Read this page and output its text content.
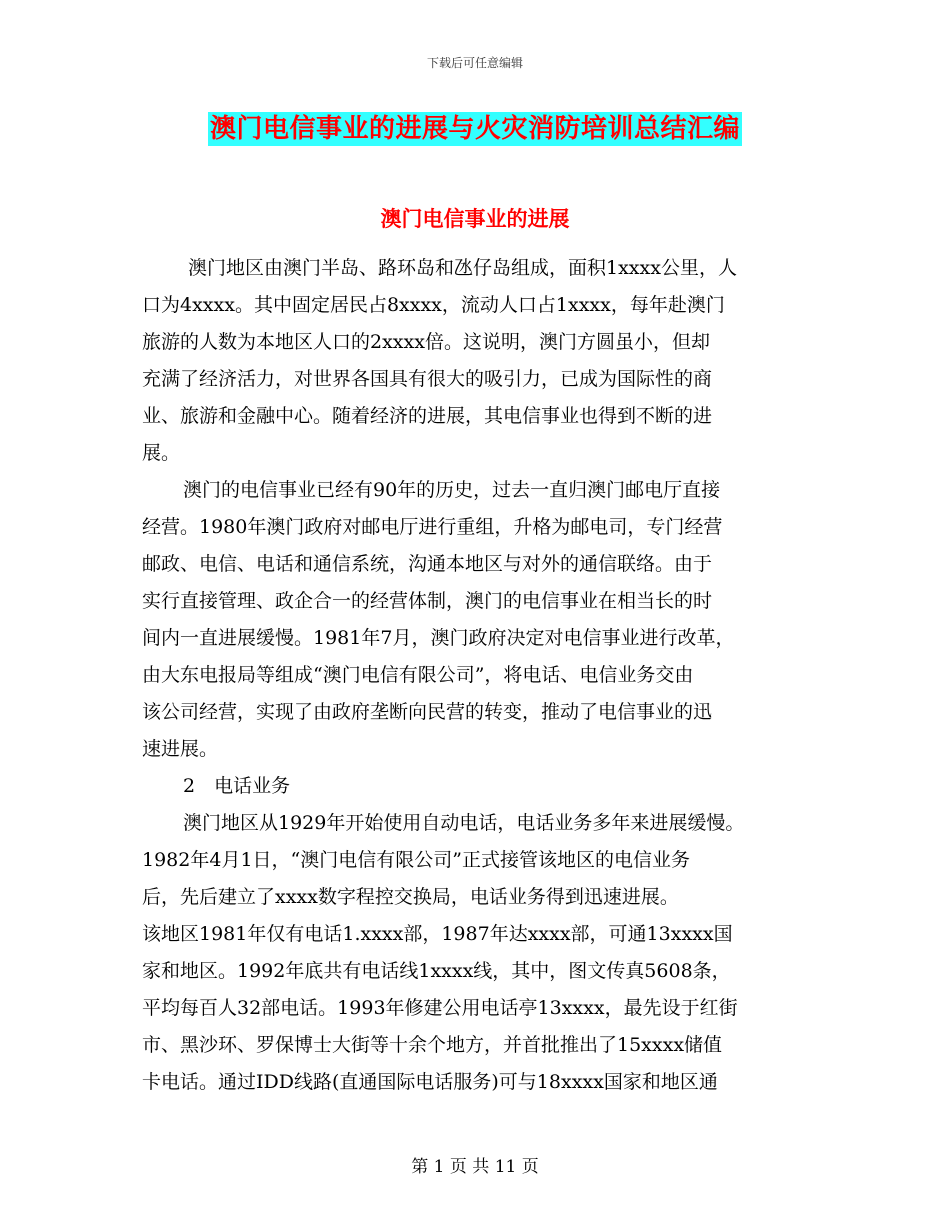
下载后可任意编辑
澳门电信事业的进展与火灾消防培训总结汇编
澳门电信事业的进展

澳门地区由澳门半岛、路环岛和氹仔岛组成，面积1xxxx公里，人
口为4xxxx。其中固定居民占8xxxx，流动人口占1xxxx，每年赴澳门
旅游的人数为本地区人口的2xxxx倍。这说明，澳门方圆虽小，但却
充满了经济活力，对世界各国具有很大的吸引力，已成为国际性的商
业、旅游和金融中心。随着经济的进展，其电信事业也得到不断的进
展。

澳门的电信事业已经有90年的历史，过去一直归澳门邮电厅直接
经营。1980年澳门政府对邮电厅进行重组，升格为邮电司，专门经营
邮政、电信、电话和通信系统，沟通本地区与对外的通信联络。由于
实行直接管理、政企合一的经营体制，澳门的电信事业在相当长的时
间内一直进展缓慢。1981年7月，澳门政府决定对电信事业进行改革，
由大东电报局等组成“澳门电信有限公司”，将电话、电信业务交由
该公司经营，实现了由政府垄断向民营的转变，推动了电信事业的迅
速进展。

2　电话业务

澳门地区从1929年开始使用自动电话，电话业务多年来进展缓慢。
1982年4月1日，“澳门电信有限公司”正式接管该地区的电信业务
后，先后建立了xxxx数字程控交换局，电话业务得到迅速进展。

该地区1981年仅有电话1.xxxx部，1987年达xxxx部，可通13xxxx国
家和地区。1992年底共有电话线1xxxx线，其中，图文传真5608条，
平均每百人32部电话。1993年修建公用电话亭13xxxx，最先设于红街
市、黑沙环、罗保博士大街等十余个地方，并首批推出了15xxxx储值
卡电话。通过IDD线路(直通国际电话服务)可与18xxxx国家和地区通

第 1 页 共 11 页
